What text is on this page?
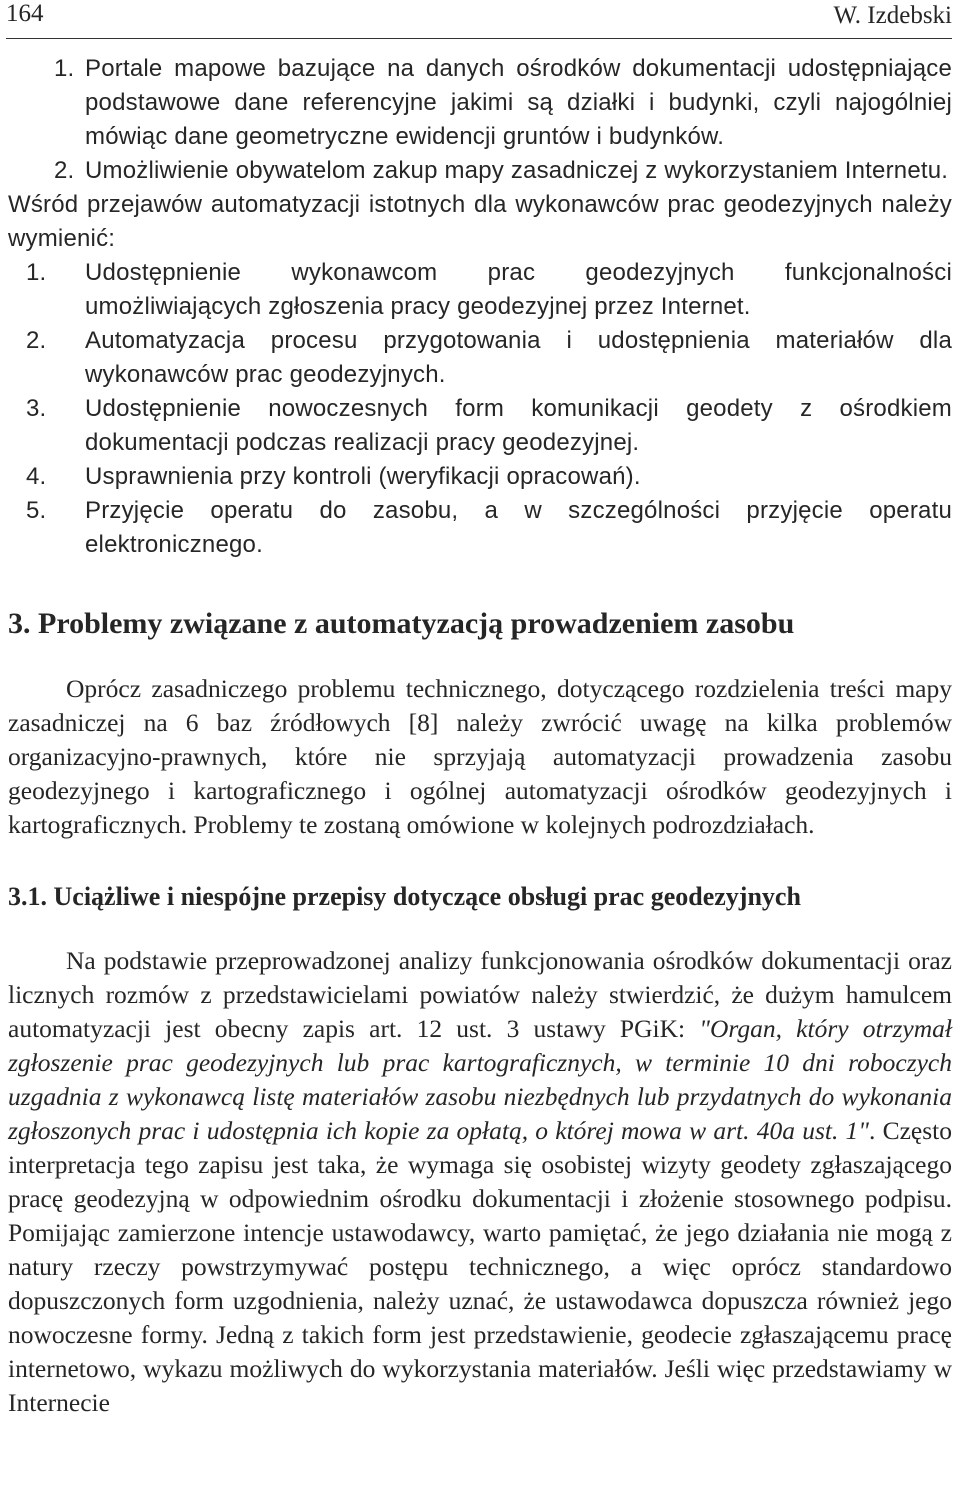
164	W. Izdebski
1. Portale mapowe bazujące na danych ośrodków dokumentacji udostępniające podstawowe dane referencyjne jakimi są działki i budynki, czyli najogólniej mówiąc dane geometryczne ewidencji gruntów i budynków.
2. Umożliwienie obywatelom zakup mapy zasadniczej z wykorzystaniem Internetu.

Wśród przejawów automatyzacji istotnych dla wykonawców prac geodezyjnych należy wymienić:

1. Udostępnienie wykonawcom prac geodezyjnych funkcjonalności umożliwiających zgłoszenia pracy geodezyjnej przez Internet.
2. Automatyzacja procesu przygotowania i udostępnienia materiałów dla wykonawców prac geodezyjnych.
3. Udostępnienie nowoczesnych form komunikacji geodety z ośrodkiem dokumentacji podczas realizacji pracy geodezyjnej.
4. Usprawnienia przy kontroli (weryfikacji opracowań).
5. Przyjęcie operatu do zasobu, a w szczególności przyjęcie operatu elektronicznego.
3. Problemy związane z automatyzacją prowadzeniem zasobu

Oprócz zasadniczego problemu technicznego, dotyczącego rozdzielenia treści mapy zasadniczej na 6 baz źródłowych [8] należy zwrócić uwagę na kilka problemów organizacyjno-prawnych, które nie sprzyjają automatyzacji prowadzenia zasobu geodezyjnego i kartograficznego i ogólnej automatyzacji ośrodków geodezyjnych i kartograficznych. Problemy te zostaną omówione w kolejnych podrozdziałach.

3.1. Uciążliwe i niespójne przepisy dotyczące obsługi prac geodezyjnych

Na podstawie przeprowadzonej analizy funkcjonowania ośrodków dokumentacji oraz licznych rozmów z przedstawicielami powiatów należy stwierdzić, że dużym hamulcem automatyzacji jest obecny zapis art. 12 ust. 3 ustawy PGiK: "Organ, który otrzymał zgłoszenie prac geodezyjnych lub prac kartograficznych, w terminie 10 dni roboczych uzgadnia z wykonawcą listę materiałów zasobu niezbędnych lub przydatnych do wykonania zgłoszonych prac i udostępnia ich kopie za opłatą, o której mowa w art. 40a ust. 1". Często interpretacja tego zapisu jest taka, że wymaga się osobistej wizyty geodety zgłaszającego pracę geodezyjną w odpowiednim ośrodku dokumentacji i złożenie stosownego podpisu. Pomijając zamierzone intencje ustawodawcy, warto pamiętać, że jego działania nie mogą z natury rzeczy powstrzymywać postępu technicznego, a więc oprócz standardowo dopuszczonych form uzgodnienia, należy uznać, że ustawodawca dopuszcza również jego nowoczesne formy. Jedną z takich form jest przedstawienie, geodecie zgłaszającemu pracę internetowo, wykazu możliwych do wykorzystania materiałów. Jeśli więc przedstawiamy w Internecie
